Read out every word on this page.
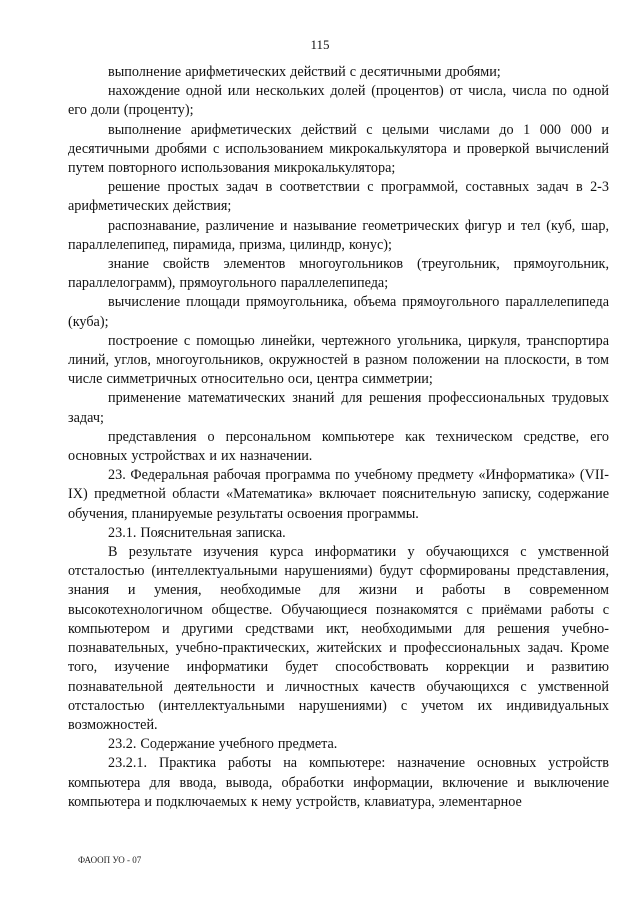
115

выполнение арифметических действий с десятичными дробями;

нахождение одной или нескольких долей (процентов) от числа, числа по одной его доли (проценту);

выполнение арифметических действий с целыми числами до 1 000 000 и десятичными дробями с использованием микрокалькулятора и проверкой вычислений путем повторного использования микрокалькулятора;

решение простых задач в соответствии с программой, составных задач в 2-3 арифметических действия;

распознавание, различение и называние геометрических фигур и тел (куб, шар, параллелепипед, пирамида, призма, цилиндр, конус);

знание свойств элементов многоугольников (треугольник, прямоугольник, параллелограмм), прямоугольного параллелепипеда;

вычисление площади прямоугольника, объема прямоугольного параллелепипеда (куба);

построение с помощью линейки, чертежного угольника, циркуля, транспортира линий, углов, многоугольников, окружностей в разном положении на плоскости, в том числе симметричных относительно оси, центра симметрии;

применение математических знаний для решения профессиональных трудовых задач;

представления о персональном компьютере как техническом средстве, его основных устройствах и их назначении.

23. Федеральная рабочая программа по учебному предмету «Информатика» (VII-IX) предметной области «Математика» включает пояснительную записку, содержание обучения, планируемые результаты освоения программы.

23.1. Пояснительная записка.

В результате изучения курса информатики у обучающихся с умственной отсталостью (интеллектуальными нарушениями) будут сформированы представления, знания и умения, необходимые для жизни и работы в современном высокотехнологичном обществе. Обучающиеся познакомятся с приёмами работы с компьютером и другими средствами икт, необходимыми для решения учебно-познавательных, учебно-практических, житейских и профессиональных задач. Кроме того, изучение информатики будет способствовать коррекции и развитию познавательной деятельности и личностных качеств обучающихся с умственной отсталостью (интеллектуальными нарушениями) с учетом их индивидуальных возможностей.

23.2. Содержание учебного предмета.

23.2.1. Практика работы на компьютере: назначение основных устройств компьютера для ввода, вывода, обработки информации, включение и выключение компьютера и подключаемых к нему устройств, клавиатура, элементарное

ФАООП УО - 07
